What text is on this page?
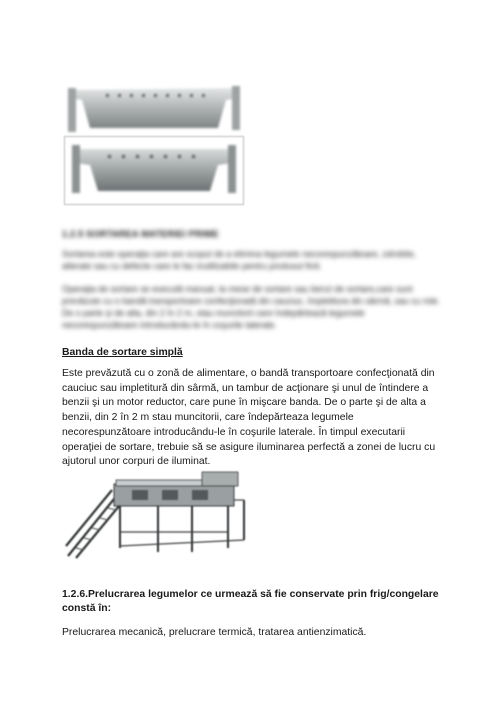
1.2.5 SORTAREA MATERIEI PRIME

Sortarea este operaţia care are scopul de a elimina legumele necorespunzătoare, zdrobite, alterate sau cu defecte care le fac inutilizabile pentru produsul finit.

Operaţia de sortare se execută manual, la mese de sortare sau benzi de sortare,care sunt prevăzute cu o bandă transportoare confecţionată din cauciuc, împletitura din sârmă, sau cu role. De o parte şi de alta, din 2 în 2 m, stau muncitorii care îndepărtează legumele necorespunzătoare introducându-le în coşurile laterale.

Banda de sortare simplă

Este prevăzută cu o zonă de alimentare, o bandă transportoare confecţionată din cauciuc sau impletitură din sârmă, un tambur de acţionare şi unul de întindere a benzii şi un motor reductor, care pune în mişcare banda. De o parte şi de alta a benzii, din 2 în 2 m stau muncitorii, care îndepărteaza legumele necorespunzătoare introducându-le în coşurile laterale. În timpul executarii operaţiei de sortare, trebuie să se asigure iluminarea perfectă a zonei de lucru cu ajutorul unor corpuri de iluminat.

1.2.6.Prelucrarea legumelor ce urmează să fie conservate prin frig/congelare constă în:

Prelucrarea mecanică, prelucrare termică, tratarea antienzimatică.
